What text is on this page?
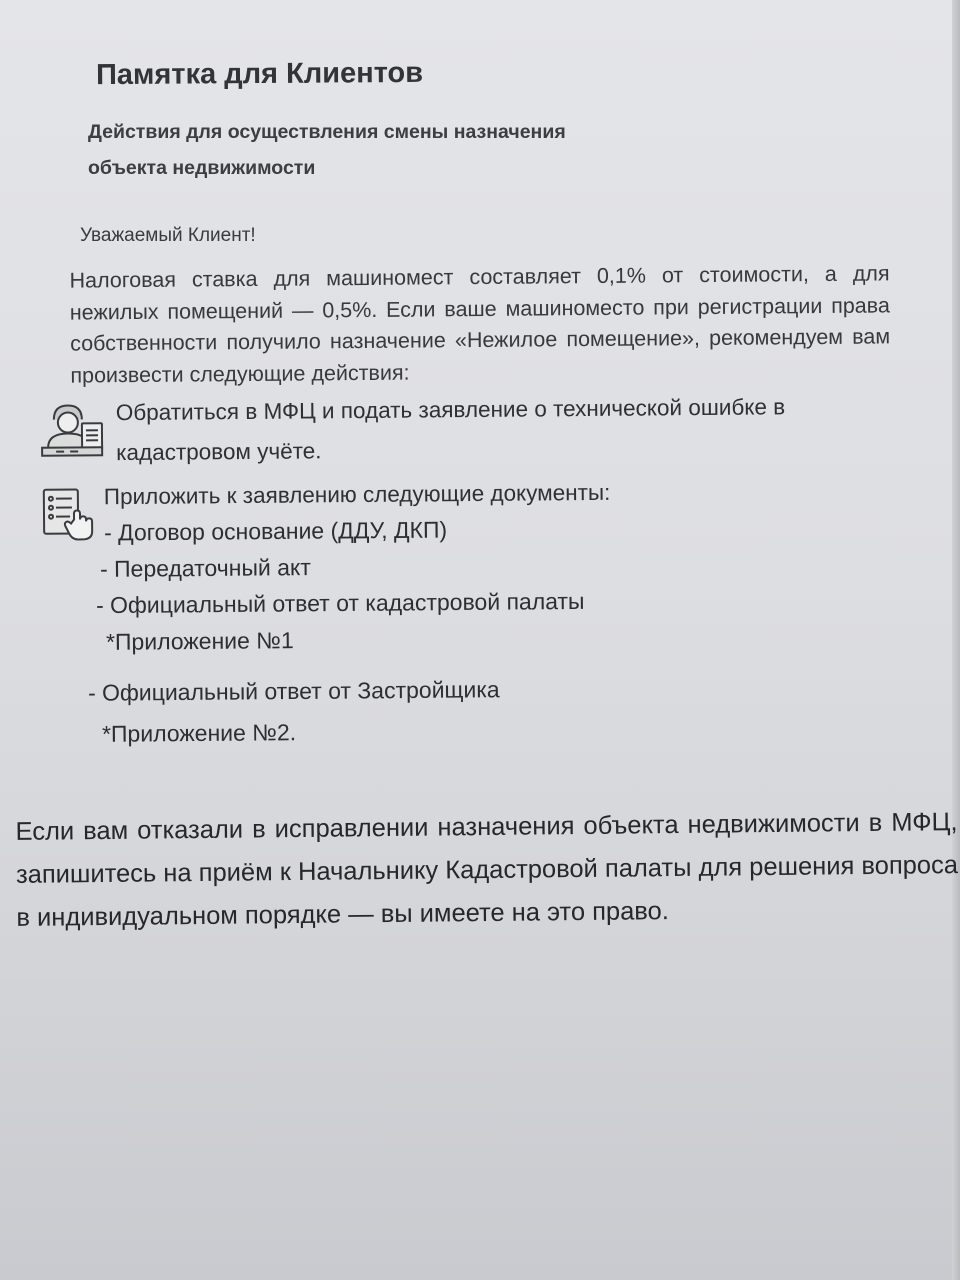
Памятка для Клиентов

Действия для осуществления смены назначения объекта недвижимости

Уважаемый Клиент!

Налоговая ставка для машиномест составляет 0,1% от стоимости, а для нежилых помещений — 0,5%. Если ваше машиноместо при регистрации права собственности получило назначение «Нежилое помещение», рекомендуем вам произвести следующие действия:

Обратиться в МФЦ и подать заявление о технической ошибке в кадастровом учёте.

Приложить к заявлению следующие документы:

- Договор основание (ДДУ, ДКП)
- Передаточный акт
- Официальный ответ от кадастровой палаты
*Приложение №1
- Официальный ответ от Застройщика
*Приложение №2.

Если вам отказали в исправлении назначения объекта недвижимости в МФЦ, запишитесь на приём к Начальнику Кадастровой палаты для решения вопроса в индивидуальном порядке — вы имеете на это право.
